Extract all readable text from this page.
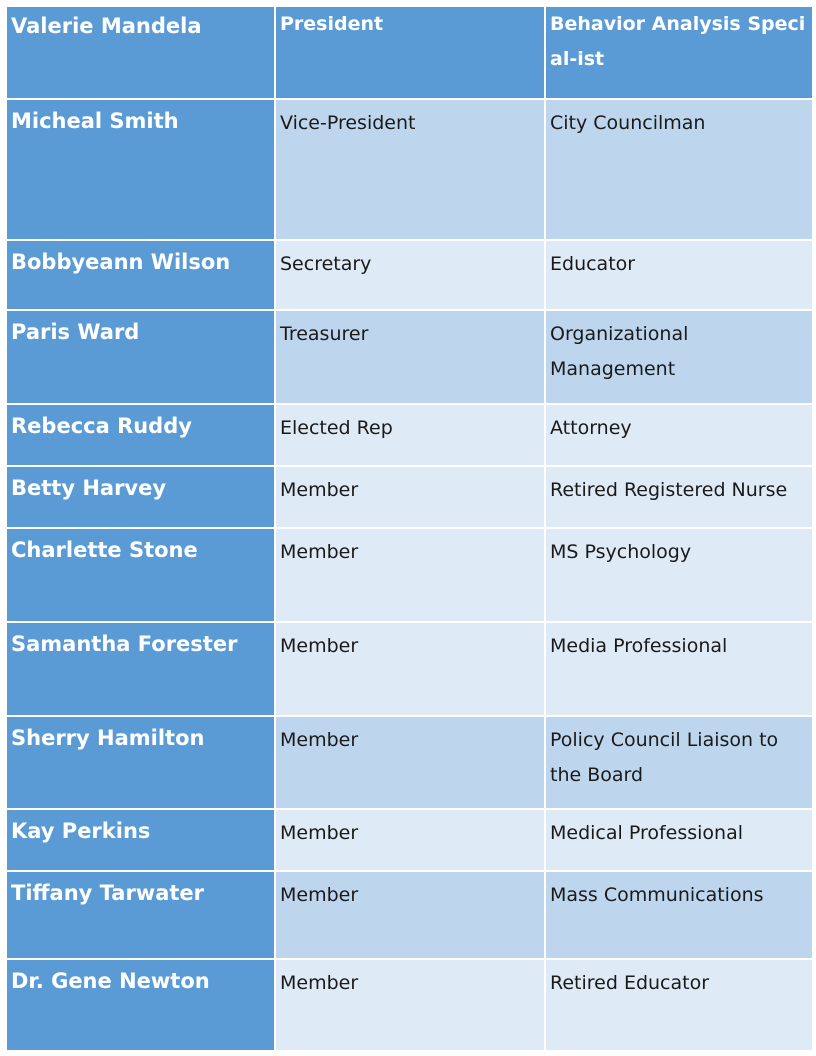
Valerie Mandela	President	Behavior Analysis Special-ist
Micheal Smith	Vice-President	City Councilman
Bobbyeann Wilson	Secretary	Educator
Paris Ward	Treasurer	Organizational Management
Rebecca Ruddy	Elected Rep	Attorney
Betty Harvey	Member	Retired Registered Nurse
Charlette Stone	Member	MS Psychology
Samantha Forester	Member	Media Professional
Sherry Hamilton	Member	Policy Council Liaison to the Board
Kay Perkins	Member	Medical Professional
Tiffany Tarwater	Member	Mass Communications
Dr. Gene Newton	Member	Retired Educator
